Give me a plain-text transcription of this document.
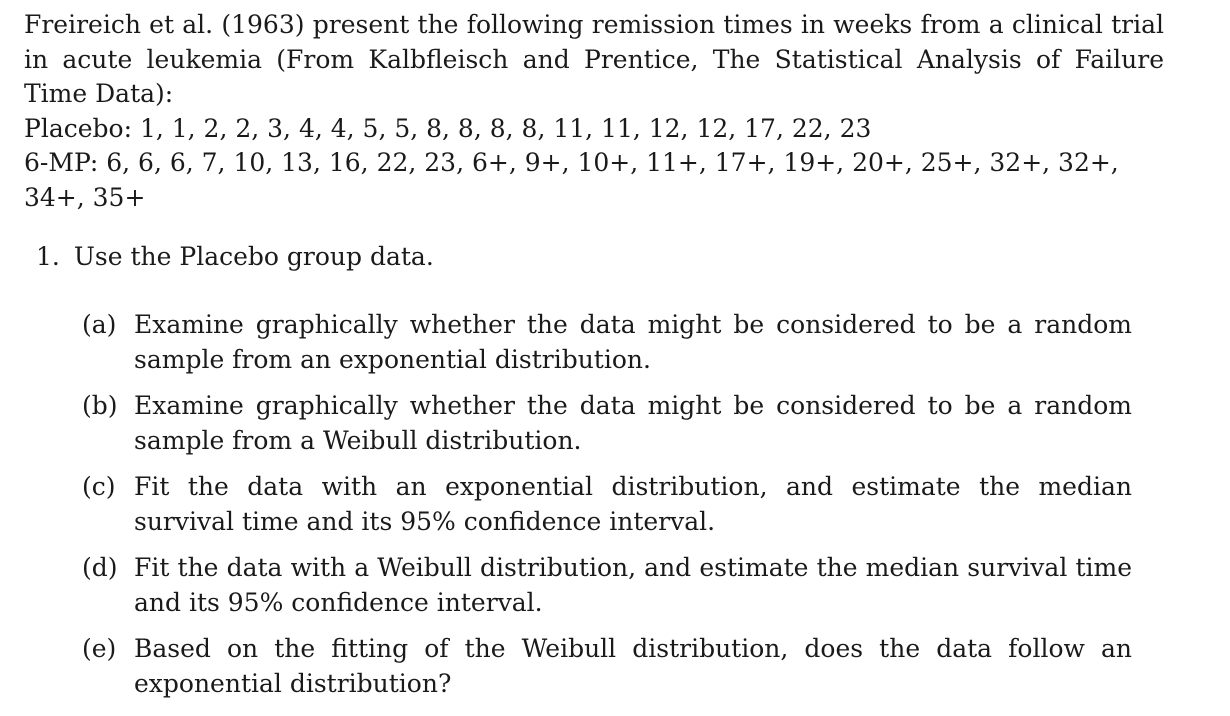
Freireich et al. (1963) present the following remission times in weeks from a clinical trial in acute leukemia (From Kalbfleisch and Prentice, The Statistical Analysis of Failure Time Data):

Placebo: 1, 1, 2, 2, 3, 4, 4, 5, 5, 8, 8, 8, 8, 11, 11, 12, 12, 17, 22, 23

6-MP: 6, 6, 6, 7, 10, 13, 16, 22, 23, 6+, 9+, 10+, 11+, 17+, 19+, 20+, 25+, 32+, 32+, 34+, 35+

1. Use the Placebo group data.

(a) Examine graphically whether the data might be considered to be a random sample from an exponential distribution.
(b) Examine graphically whether the data might be considered to be a random sample from a Weibull distribution.
(c) Fit the data with an exponential distribution, and estimate the median survival time and its 95% confidence interval.
(d) Fit the data with a Weibull distribution, and estimate the median survival time and its 95% confidence interval.
(e) Based on the fitting of the Weibull distribution, does the data follow an exponential distribution?
